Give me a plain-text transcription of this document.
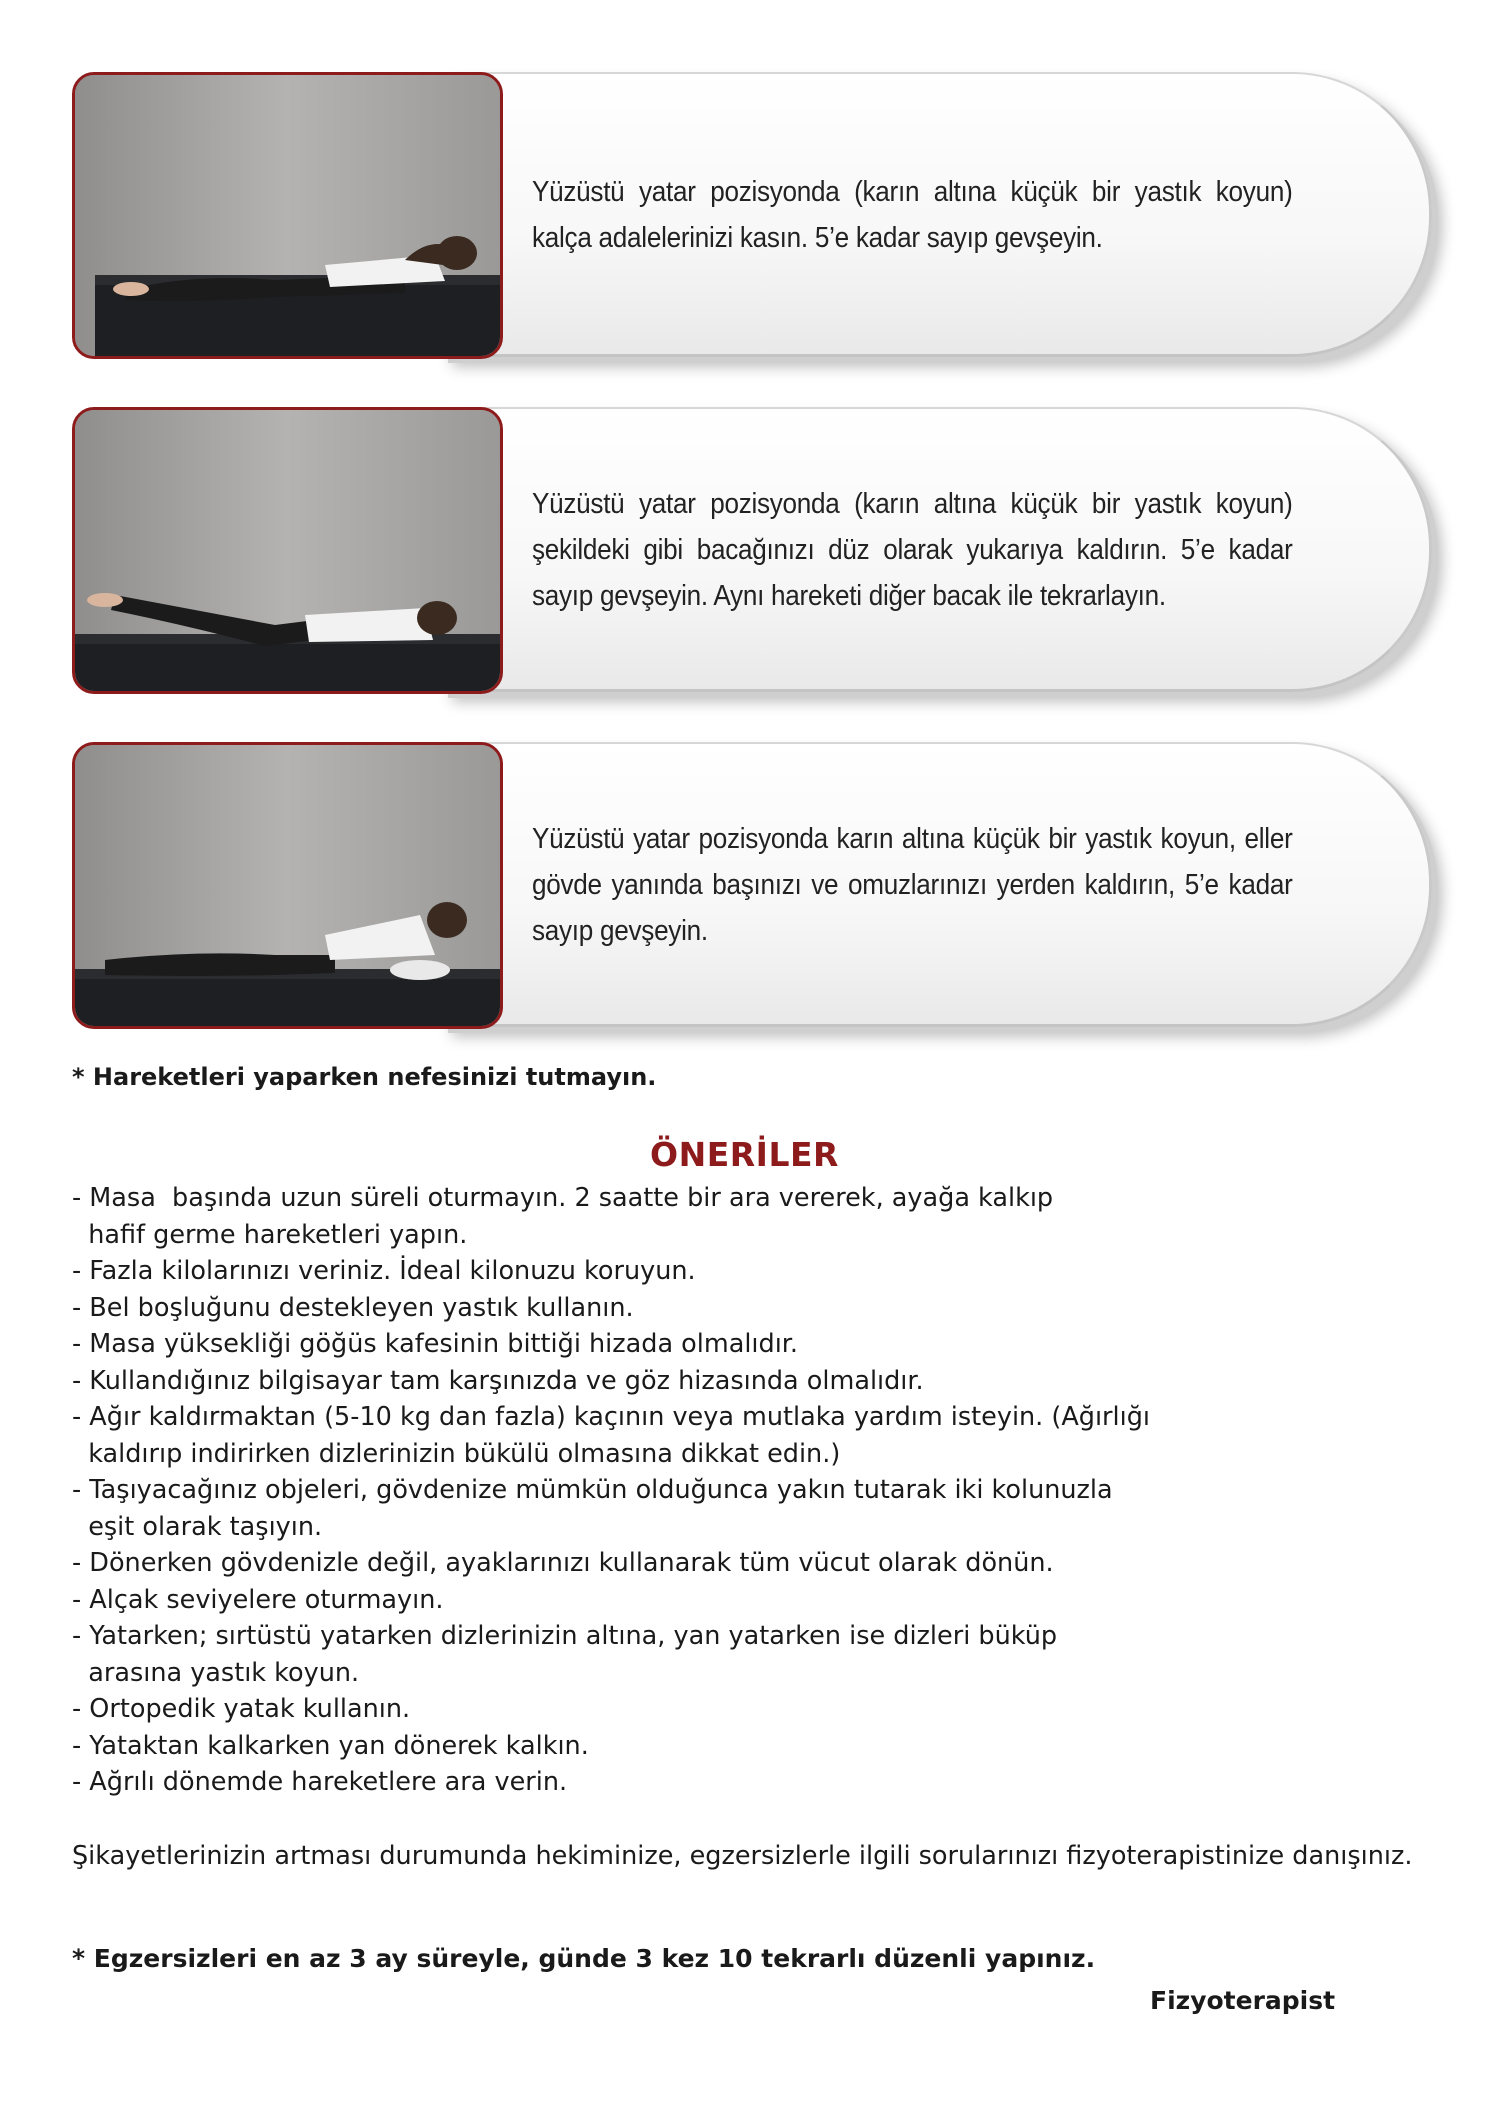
Yüzüstü yatar pozisyonda (karın altına küçük bir yastık koyun) kalça adalelerinizi kasın. 5’e kadar sayıp gevşeyin.

Yüzüstü yatar pozisyonda (karın altına küçük bir yastık koyun) şekildeki gibi bacağınızı düz olarak yukarıya kaldırın. 5’e kadar sayıp gevşeyin. Aynı hareketi diğer bacak ile tekrarlayın.

Yüzüstü yatar pozisyonda karın altına küçük bir yastık koyun, eller gövde yanında başınızı ve omuzlarınızı yerden kaldırın, 5’e kadar sayıp gevşeyin.

* Hareketleri yaparken nefesinizi tutmayın.
ÖNERİLER
- Masa  başında uzun süreli oturmayın. 2 saatte bir ara vererek, ayağa kalkıp
hafif germe hareketleri yapın.
- Fazla kilolarınızı veriniz. İdeal kilonuzu koruyun.
- Bel boşluğunu destekleyen yastık kullanın.
- Masa yüksekliği göğüs kafesinin bittiği hizada olmalıdır.
- Kullandığınız bilgisayar tam karşınızda ve göz hizasında olmalıdır.
- Ağır kaldırmaktan (5-10 kg dan fazla) kaçının veya mutlaka yardım isteyin. (Ağırlığı
kaldırıp indirirken dizlerinizin bükülü olmasına dikkat edin.)
- Taşıyacağınız objeleri, gövdenize mümkün olduğunca yakın tutarak iki kolunuzla
eşit olarak taşıyın.
- Dönerken gövdenizle değil, ayaklarınızı kullanarak tüm vücut olarak dönün.
- Alçak seviyelere oturmayın.
- Yatarken; sırtüstü yatarken dizlerinizin altına, yan yatarken ise dizleri büküp
arasına yastık koyun.
- Ortopedik yatak kullanın.
- Yataktan kalkarken yan dönerek kalkın.
- Ağrılı dönemde hareketlere ara verin.
Şikayetlerinizin artması durumunda hekiminize, egzersizlerle ilgili sorularınızı fizyoterapistinize danışınız.
* Egzersizleri en az 3 ay süreyle, günde 3 kez 10 tekrarlı düzenli yapınız.
Fizyoterapist
